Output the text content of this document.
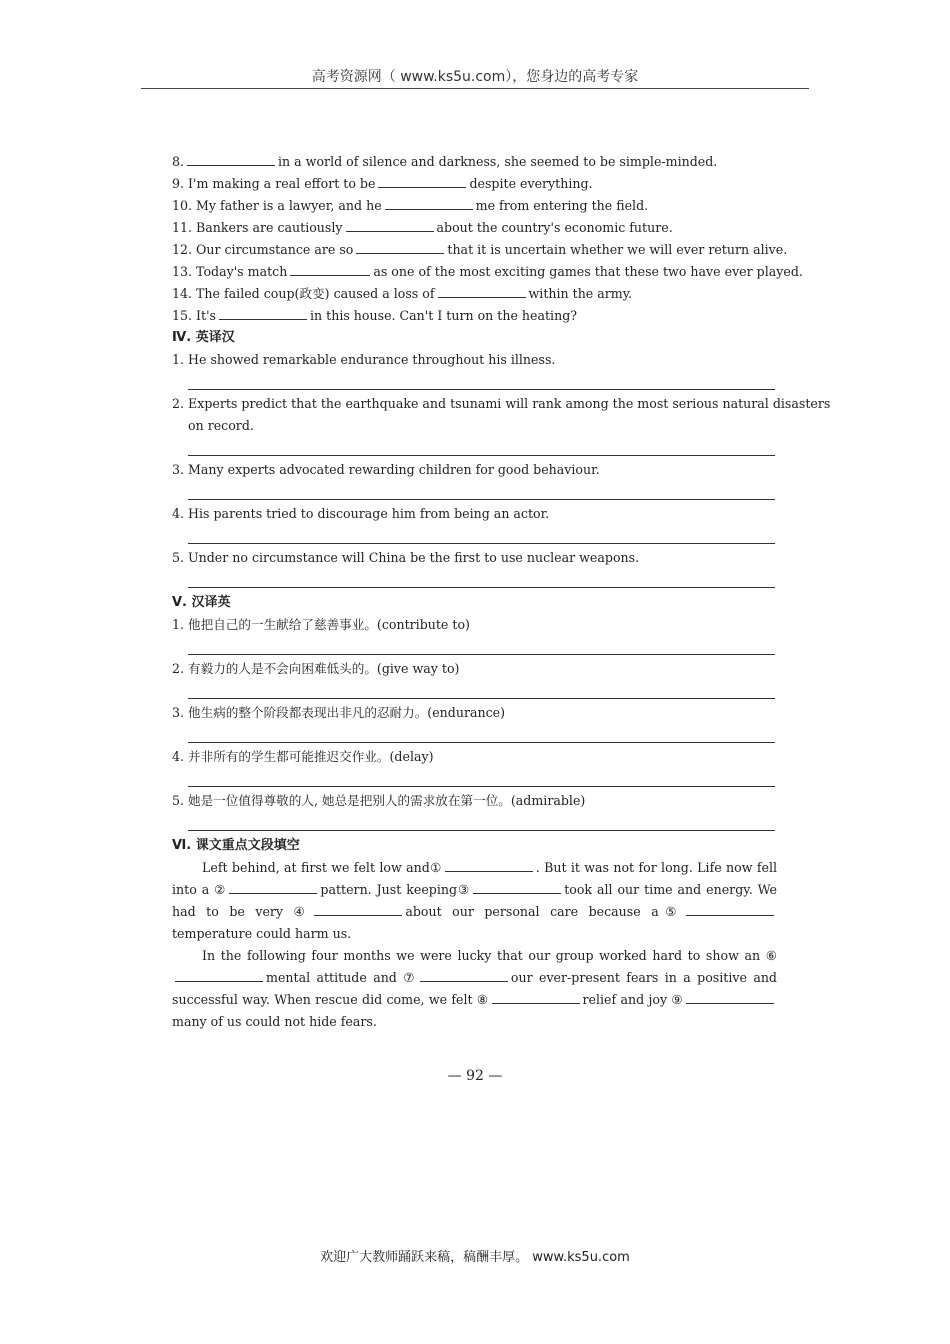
高考资源网（ www.ks5u.com），您身边的高考专家
8.	in a world of silence and darkness, she seemed to be simple-minded.
9. I'm making a real effort to be	despite everything.
10. My father is a lawyer, and he	me from entering the field.
11. Bankers are cautiously	about the country's economic future.
12. Our circumstance are so	that it is uncertain whether we will ever return alive.
13. Today's match	as one of the most exciting games that these two have ever played.
14. The failed coup(政变) caused a loss of	within the army.
15. It's	in this house. Can't I turn on the heating?
Ⅳ. 英译汉
1. He showed remarkable endurance throughout his illness.
2. Experts predict that the earthquake and tsunami will rank among the most serious natural disasters
on record.
3. Many experts advocated rewarding children for good behaviour.
4. His parents tried to discourage him from being an actor.
5. Under no circumstance will China be the first to use nuclear weapons.
Ⅴ. 汉译英
1. 他把自己的一生献给了慈善事业。(contribute to)
2. 有毅力的人是不会向困难低头的。(give way to)
3. 他生病的整个阶段都表现出非凡的忍耐力。(endurance)
4. 并非所有的学生都可能推迟交作业。(delay)
5. 她是一位值得尊敬的人, 她总是把别人的需求放在第一位。(admirable)
Ⅵ. 课文重点文段填空
Left behind, at first we felt low and①	. But it was not for long. Life now fell into a ②	pattern. Just keeping③	took all our time and energy. We had to be very ④	about our personal care because a⑤temperature could harm us.
In the following four months we were lucky that our group worked hard to show an ⑥mental attitude and ⑦	our ever-present fears in a positive and successful way. When rescue did come, we felt ⑧	relief and joy ⑨ many of us could not hide fears.
— 92 —
欢迎广大教师踊跃来稿，稿酬丰厚。 www.ks5u.com
